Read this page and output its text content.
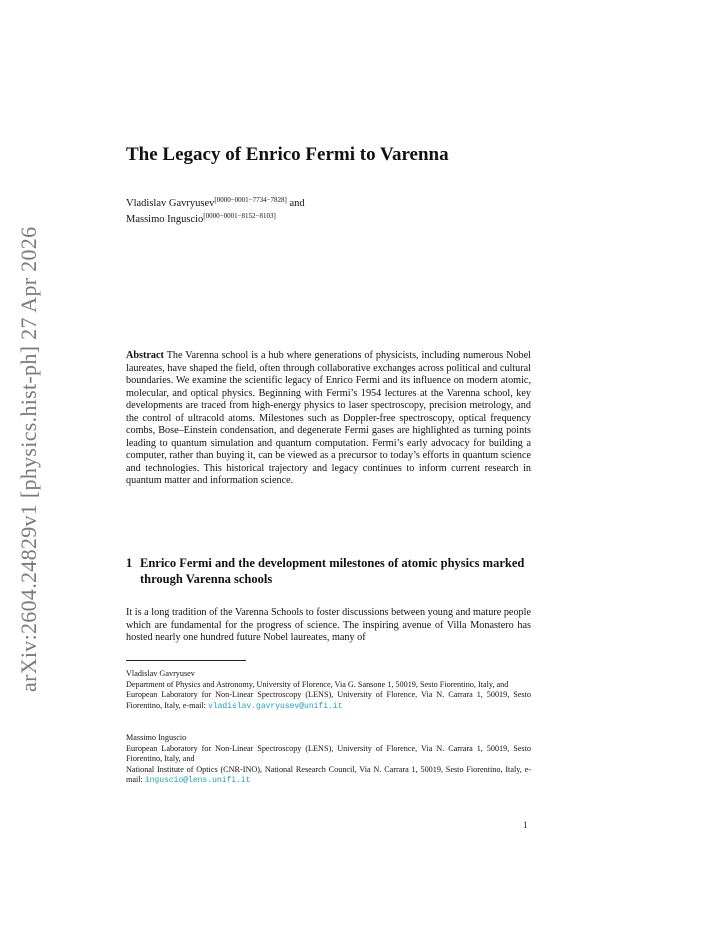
arXiv:2604.24829v1 [physics.hist-ph] 27 Apr 2026
The Legacy of Enrico Fermi to Varenna
Vladislav Gavryusev[0000−0001−7734−7828] and
Massimo Inguscio[0000−0001−8152−8103]
Abstract The Varenna school is a hub where generations of physicists, including numerous Nobel laureates, have shaped the field, often through collaborative exchanges across political and cultural boundaries. We examine the scientific legacy of Enrico Fermi and its influence on modern atomic, molecular, and optical physics. Beginning with Fermi’s 1954 lectures at the Varenna school, key developments are traced from high-energy physics to laser spectroscopy, precision metrology, and the control of ultracold atoms. Milestones such as Doppler-free spectroscopy, optical frequency combs, Bose–Einstein condensation, and degenerate Fermi gases are highlighted as turning points leading to quantum simulation and quantum computation. Fermi’s early advocacy for building a computer, rather than buying it, can be viewed as a precursor to today’s efforts in quantum science and technologies. This historical trajectory and legacy continues to inform current research in quantum matter and information science.
1 Enrico Fermi and the development milestones of atomic physics marked through Varenna schools
It is a long tradition of the Varenna Schools to foster discussions between young and mature people which are fundamental for the progress of science. The inspiring avenue of Villa Monastero has hosted nearly one hundred future Nobel laureates, many of
Vladislav Gavryusev
Department of Physics and Astronomy, University of Florence, Via G. Sansone 1, 50019, Sesto Fiorentino, Italy, and
European Laboratory for Non-Linear Spectroscopy (LENS), University of Florence, Via N. Carrara 1, 50019, Sesto Fiorentino, Italy, e-mail: vladislav.gavryusev@unifi.it
Massimo Inguscio
European Laboratory for Non-Linear Spectroscopy (LENS), University of Florence, Via N. Carrara 1, 50019, Sesto Fiorentino, Italy, and
National Institute of Optics (CNR-INO), National Research Council, Via N. Carrara 1, 50019, Sesto Fiorentino, Italy, e-mail: inguscio@lens.unifi.it
1
